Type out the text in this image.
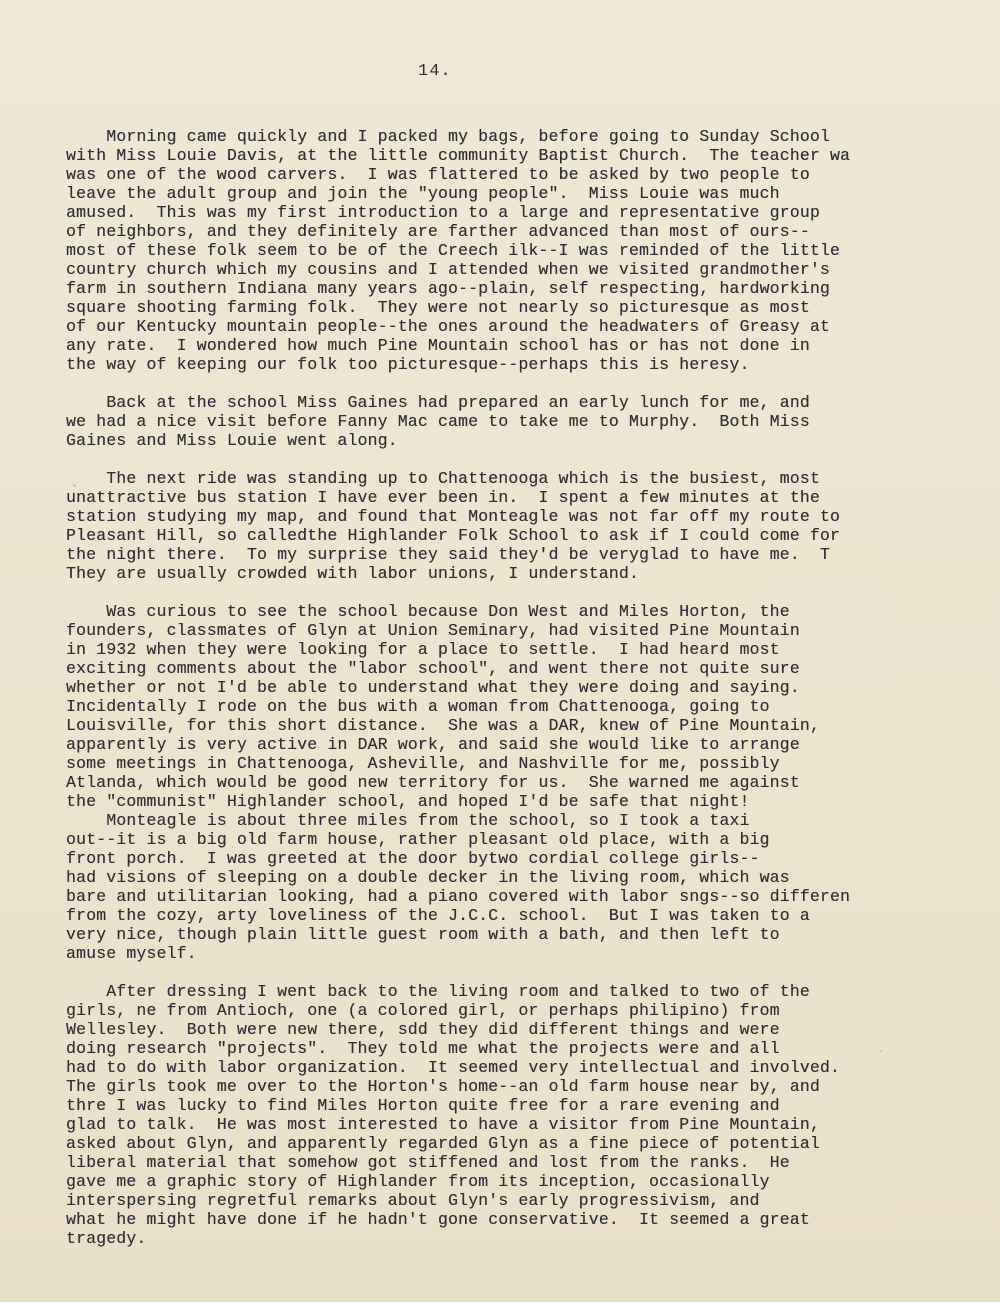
14.
Morning came quickly and I packed my bags, before going to Sunday School
with Miss Louie Davis, at the little community Baptist Church.  The teacher wa
was one of the wood carvers.  I was flattered to be asked by two people to
leave the adult group and join the "young people".  Miss Louie was much
amused.  This was my first introduction to a large and representative group
of neighbors, and they definitely are farther advanced than most of ours--
most of these folk seem to be of the Creech ilk--I was reminded of the little
country church which my cousins and I attended when we visited grandmother's
farm in southern Indiana many years ago--plain, self respecting, hardworking
square shooting farming folk.  They were not nearly so picturesque as most
of our Kentucky mountain people--the ones around the headwaters of Greasy at
any rate.  I wondered how much Pine Mountain school has or has not done in
the way of keeping our folk too picturesque--perhaps this is heresy.
Back at the school Miss Gaines had prepared an early lunch for me, and
we had a nice visit before Fanny Mac came to take me to Murphy.  Both Miss
Gaines and Miss Louie went along.
The next ride was standing up to Chattenooga which is the busiest, most
unattractive bus station I have ever been in.  I spent a few minutes at the
station studying my map, and found that Monteagle was not far off my route to
Pleasant Hill, so calledthe Highlander Folk School to ask if I could come for
the night there.  To my surprise they said they'd be veryglad to have me.  T
They are usually crowded with labor unions, I understand.
Was curious to see the school because Don West and Miles Horton, the
founders, classmates of Glyn at Union Seminary, had visited Pine Mountain
in 1932 when they were looking for a place to settle.  I had heard most
exciting comments about the "labor school", and went there not quite sure
whether or not I'd be able to understand what they were doing and saying.
Incidentally I rode on the bus with a woman from Chattenooga, going to
Louisville, for this short distance.  She was a DAR, knew of Pine Mountain,
apparently is very active in DAR work, and said she would like to arrange
some meetings in Chattenooga, Asheville, and Nashville for me, possibly
Atlanda, which would be good new territory for us.  She warned me against
the "communist" Highlander school, and hoped I'd be safe that night!
Monteagle is about three miles from the school, so I took a taxi
out--it is a big old farm house, rather pleasant old place, with a big
front porch.  I was greeted at the door bytwo cordial college girls--
had visions of sleeping on a double decker in the living room, which was
bare and utilitarian looking, had a piano covered with labor sngs--so differen
from the cozy, arty loveliness of the J.C.C. school.  But I was taken to a
very nice, though plain little guest room with a bath, and then left to
amuse myself.
After dressing I went back to the living room and talked to two of the
girls, ne from Antioch, one (a colored girl, or perhaps philipino) from
Wellesley.  Both were new there, sdd they did different things and were
doing research "projects".  They told me what the projects were and all
had to do with labor organization.  It seemed very intellectual and involved.
The girls took me over to the Horton's home--an old farm house near by, and
thre I was lucky to find Miles Horton quite free for a rare evening and
glad to talk.  He was most interested to have a visitor from Pine Mountain,
asked about Glyn, and apparently regarded Glyn as a fine piece of potential
liberal material that somehow got stiffened and lost from the ranks.  He
gave me a graphic story of Highlander from its inception, occasionally
interspersing regretful remarks about Glyn's early progressivism, and
what he might have done if he hadn't gone conservative.  It seemed a great
tragedy.
